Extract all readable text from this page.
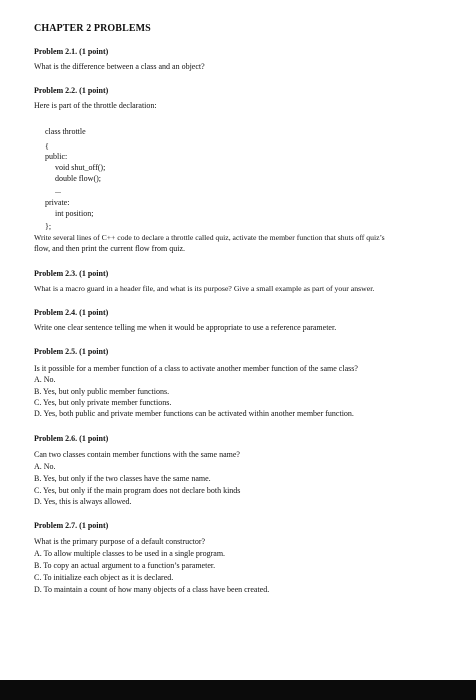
CHAPTER 2 PROBLEMS

Problem 2.1. (1 point)

What is the difference between a class and an object?

Problem 2.2. (1 point)

Here is part of the throttle declaration:

class throttle

{

public:

void shut_off();

double flow();

...

private:

int position;

};

Write several lines of C++ code to declare a throttle called quiz, activate the member function that shuts off quiz’s

flow, and then print the current flow from quiz.

Problem 2.3. (1 point)

What is a macro guard in a header file, and what is its purpose? Give a small example as part of your answer.

Problem 2.4. (1 point)

Write one clear sentence telling me when it would be appropriate to use a reference parameter.

Problem 2.5. (1 point)

Is it possible for a member function of a class to activate another member function of the same class?

A. No.

B. Yes, but only public member functions.

C. Yes, but only private member functions.

D. Yes, both public and private member functions can be activated within another member function.

Problem 2.6. (1 point)

Can two classes contain member functions with the same name?

A. No.

B. Yes, but only if the two classes have the same name.

C. Yes, but only if the main program does not declare both kinds

D. Yes, this is always allowed.

Problem 2.7. (1 point)

What is the primary purpose of a default constructor?

A. To allow multiple classes to be used in a single program.

B. To copy an actual argument to a function’s parameter.

C. To initialize each object as it is declared.

D. To maintain a count of how many objects of a class have been created.
